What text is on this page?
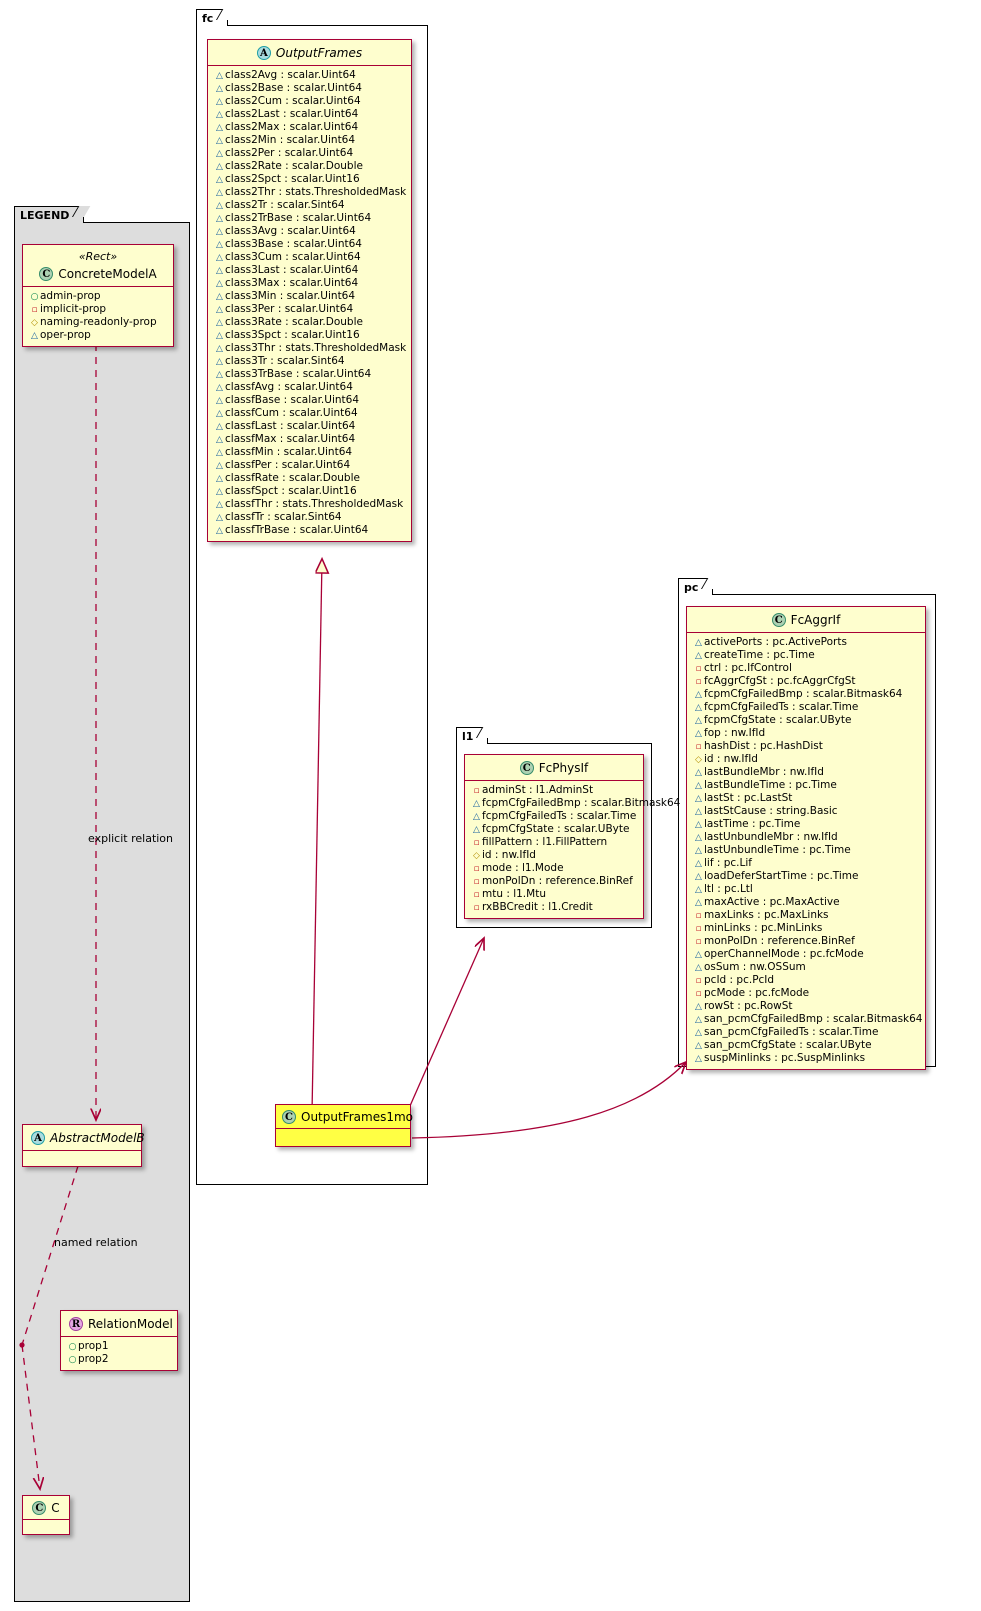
LEGEND
fc
pc
l1
explicit relation
named relation
«Rect»
C ConcreteModelA
○ admin-prop
▫ implicit-prop
◇ naming-readonly-prop
△ oper-prop
A AbstractModelB
R RelationModel
○ prop1
○ prop2
C C
A OutputFrames
△ class2Avg : scalar.Uint64
△ class2Base : scalar.Uint64
△ class2Cum : scalar.Uint64
△ class2Last : scalar.Uint64
△ class2Max : scalar.Uint64
△ class2Min : scalar.Uint64
△ class2Per : scalar.Uint64
△ class2Rate : scalar.Double
△ class2Spct : scalar.Uint16
△ class2Thr : stats.ThresholdedMask
△ class2Tr : scalar.Sint64
△ class2TrBase : scalar.Uint64
△ class3Avg : scalar.Uint64
△ class3Base : scalar.Uint64
△ class3Cum : scalar.Uint64
△ class3Last : scalar.Uint64
△ class3Max : scalar.Uint64
△ class3Min : scalar.Uint64
△ class3Per : scalar.Uint64
△ class3Rate : scalar.Double
△ class3Spct : scalar.Uint16
△ class3Thr : stats.ThresholdedMask
△ class3Tr : scalar.Sint64
△ class3TrBase : scalar.Uint64
△ classfAvg : scalar.Uint64
△ classfBase : scalar.Uint64
△ classfCum : scalar.Uint64
△ classfLast : scalar.Uint64
△ classfMax : scalar.Uint64
△ classfMin : scalar.Uint64
△ classfPer : scalar.Uint64
△ classfRate : scalar.Double
△ classfSpct : scalar.Uint16
△ classfThr : stats.ThresholdedMask
△ classfTr : scalar.Sint64
△ classfTrBase : scalar.Uint64
C OutputFrames1mo
C FcPhysIf
▫ adminSt : l1.AdminSt
△ fcpmCfgFailedBmp : scalar.Bitmask64
△ fcpmCfgFailedTs : scalar.Time
△ fcpmCfgState : scalar.UByte
▫ fillPattern : l1.FillPattern
◇ id : nw.IfId
▫ mode : l1.Mode
▫ monPolDn : reference.BinRef
▫ mtu : l1.Mtu
▫ rxBBCredit : l1.Credit
C FcAggrIf
△ activePorts : pc.ActivePorts
△ createTime : pc.Time
▫ ctrl : pc.IfControl
▫ fcAggrCfgSt : pc.fcAggrCfgSt
△ fcpmCfgFailedBmp : scalar.Bitmask64
△ fcpmCfgFailedTs : scalar.Time
△ fcpmCfgState : scalar.UByte
△ fop : nw.IfId
▫ hashDist : pc.HashDist
◇ id : nw.IfId
△ lastBundleMbr : nw.IfId
△ lastBundleTime : pc.Time
△ lastSt : pc.LastSt
△ lastStCause : string.Basic
△ lastTime : pc.Time
△ lastUnbundleMbr : nw.IfId
△ lastUnbundleTime : pc.Time
△ lif : pc.Lif
△ loadDeferStartTime : pc.Time
△ ltl : pc.Ltl
△ maxActive : pc.MaxActive
▫ maxLinks : pc.MaxLinks
▫ minLinks : pc.MinLinks
▫ monPolDn : reference.BinRef
△ operChannelMode : pc.fcMode
△ osSum : nw.OSSum
▫ pcId : pc.PcId
▫ pcMode : pc.fcMode
△ rowSt : pc.RowSt
△ san_pcmCfgFailedBmp : scalar.Bitmask64
△ san_pcmCfgFailedTs : scalar.Time
△ san_pcmCfgState : scalar.UByte
△ suspMinlinks : pc.SuspMinlinks
